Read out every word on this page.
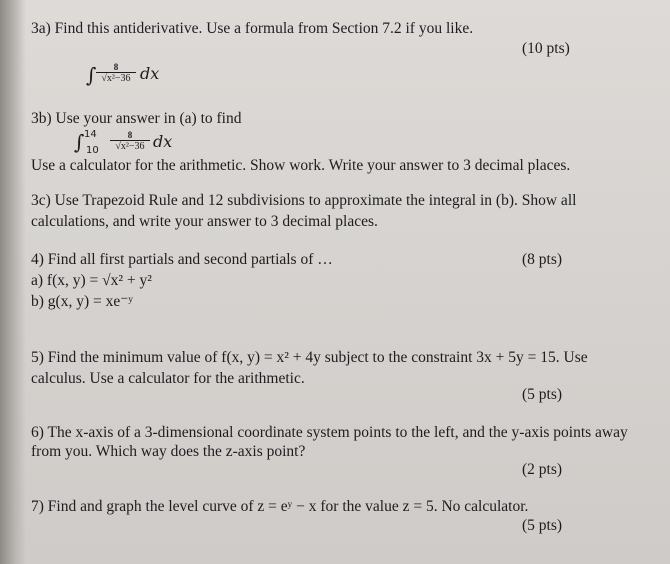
3a) Find this antiderivative. Use a formula from Section 7.2 if you like.
(10 pts)
∫ 8
√x²−36 dx
3b) Use your answer in (a) to find
∫ 14
10
8
√x²−36 dx
Use a calculator for the arithmetic. Show work. Write your answer to 3 decimal places.
3c) Use Trapezoid Rule and 12 subdivisions to approximate the integral in (b). Show all
calculations, and write your answer to 3 decimal places.
4) Find all first partials and second partials of …	(8 pts)
a) f(x, y) = √x² + y²
b) g(x, y) = xe⁻ʸ
5) Find the minimum value of f(x, y) = x² + 4y subject to the constraint 3x + 5y = 15. Use
calculus. Use a calculator for the arithmetic.
(5 pts)
6) The x-axis of a 3-dimensional coordinate system points to the left, and the y-axis points away
from you. Which way does the z-axis point?
(2 pts)
7) Find and graph the level curve of z = eʸ − x for the value z = 5. No calculator.
(5 pts)
